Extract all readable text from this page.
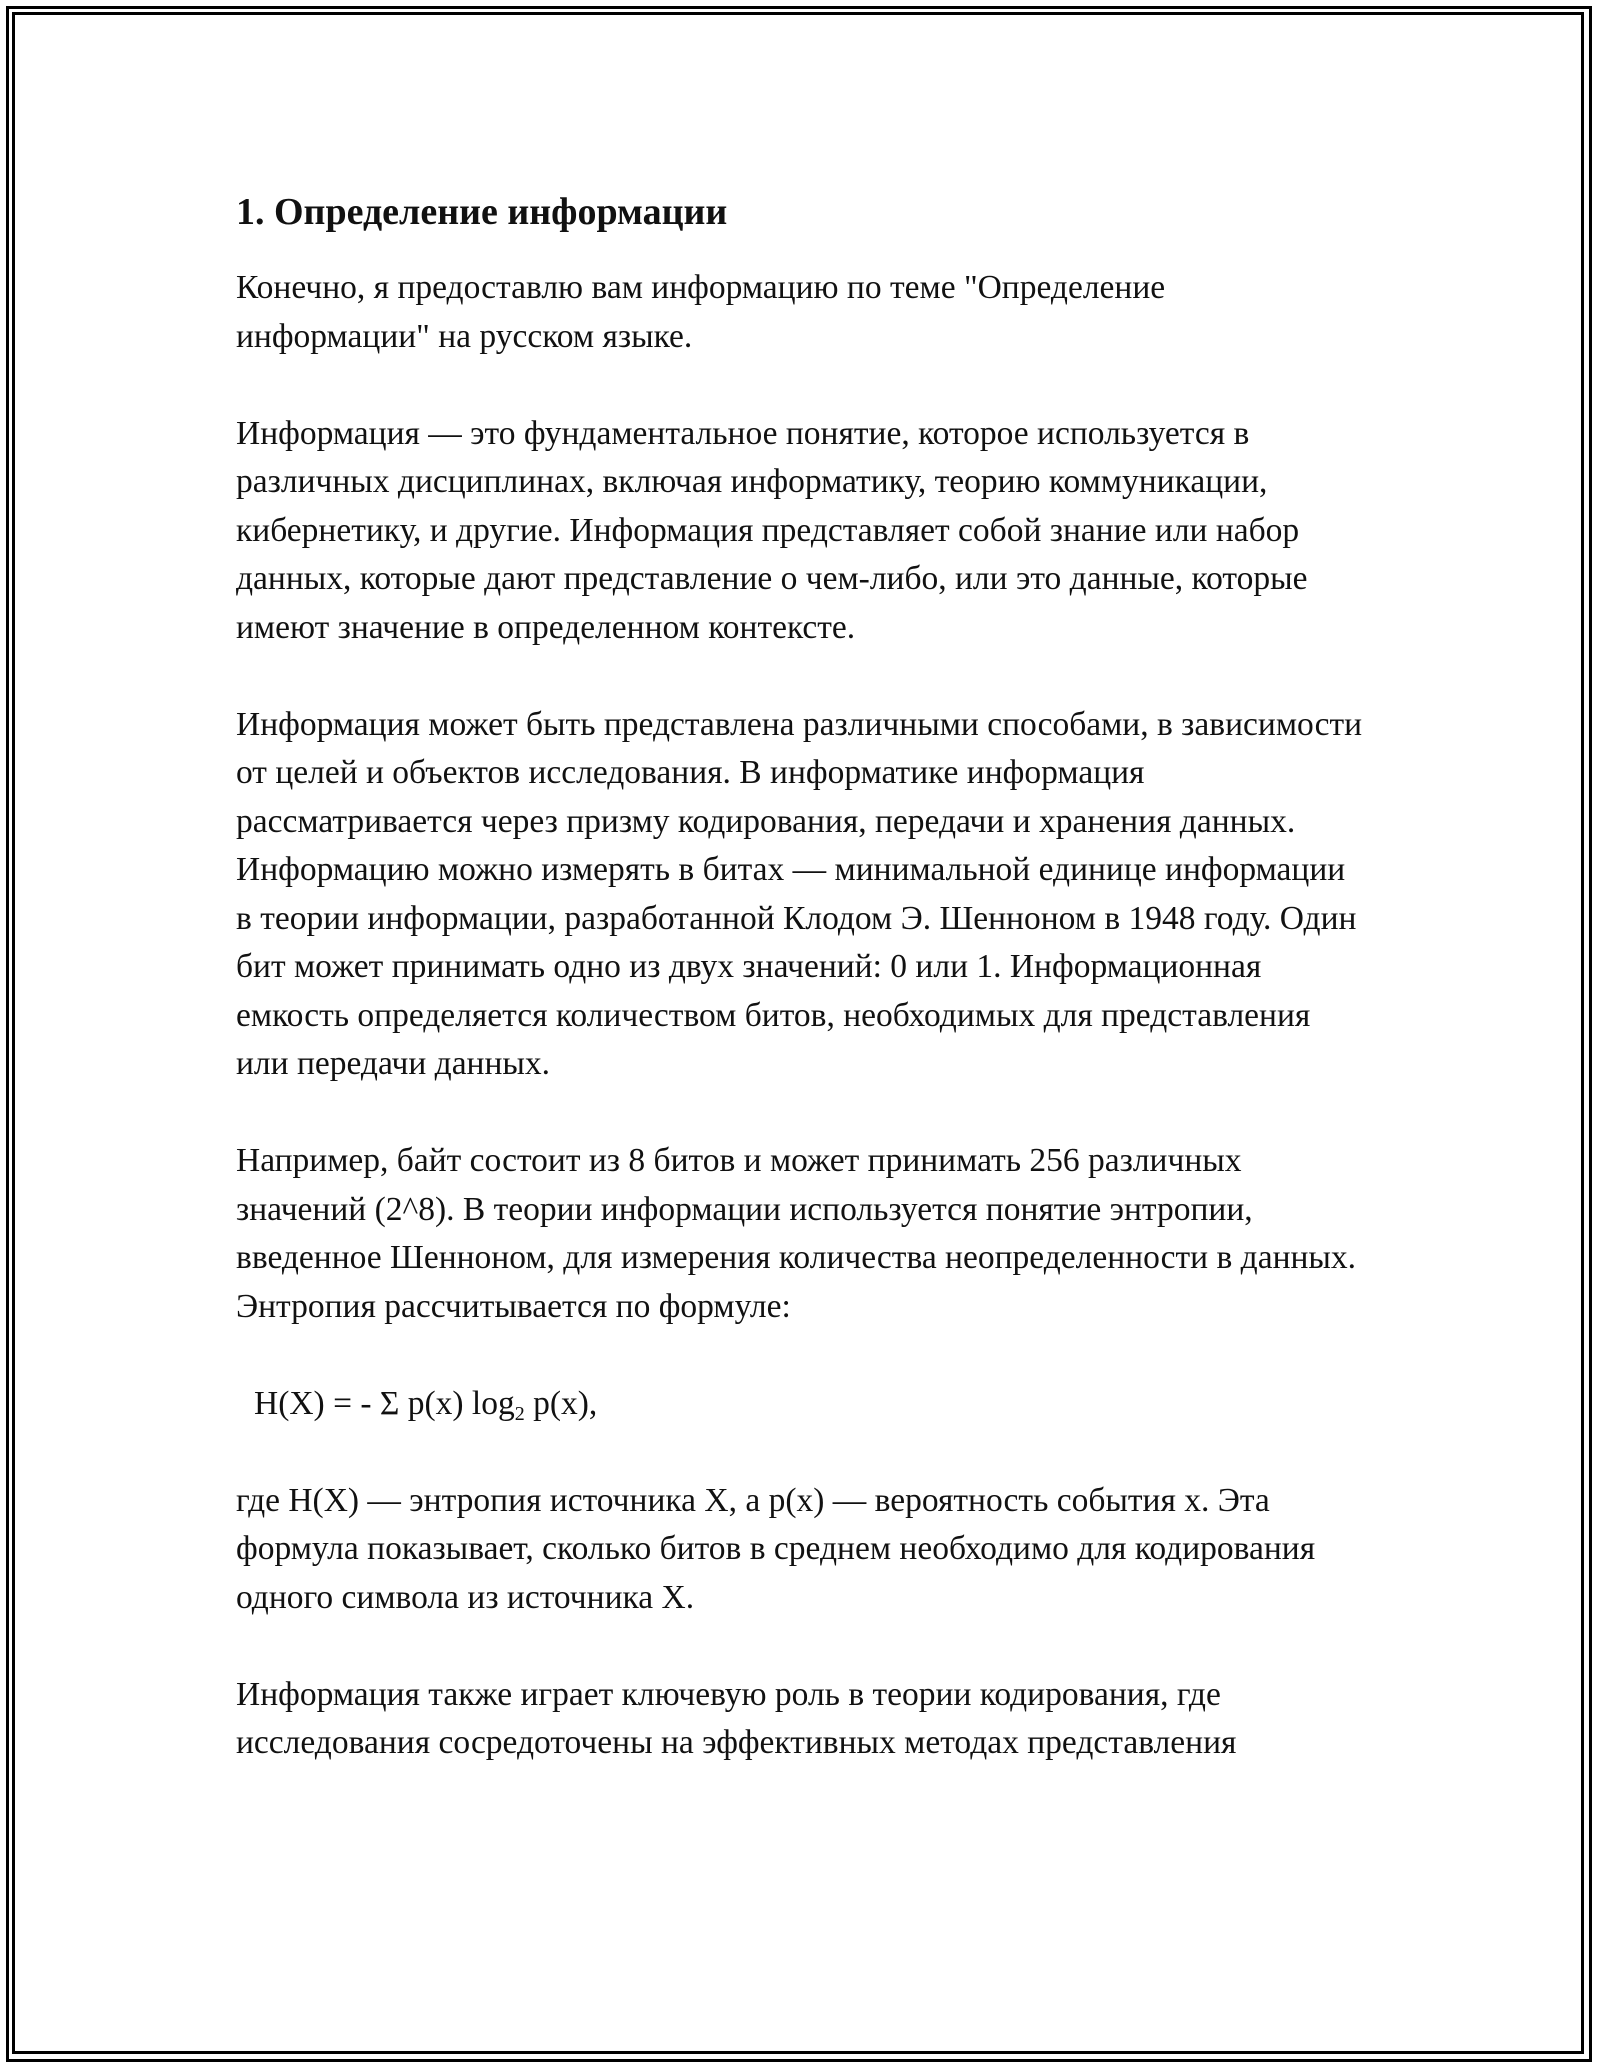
1. Определение информации

Конечно, я предоставлю вам информацию по теме "Определение информации" на русском языке.

Информация — это фундаментальное понятие, которое используется в различных дисциплинах, включая информатику, теорию коммуникации, кибернетику, и другие. Информация представляет собой знание или набор данных, которые дают представление о чем-либо, или это данные, которые имеют значение в определенном контексте.

Информация может быть представлена различными способами, в зависимости от целей и объектов исследования. В информатике информация рассматривается через призму кодирования, передачи и хранения данных. Информацию можно измерять в битах — минимальной единице информации в теории информации, разработанной Клодом Э. Шенноном в 1948 году. Один бит может принимать одно из двух значений: 0 или 1. Информационная емкость определяется количеством битов, необходимых для представления или передачи данных.

Например, байт состоит из 8 битов и может принимать 256 различных значений (2^8). В теории информации используется понятие энтропии, введенное Шенноном, для измерения количества неопределенности в данных. Энтропия рассчитывается по формуле:

H(X) = - Σ p(x) $\log_2 p(x)$,

где H(X) — энтропия источника X, а p(x) — вероятность события x. Эта формула показывает, сколько битов в среднем необходимо для кодирования одного символа из источника X.

Информация также играет ключевую роль в теории кодирования, где исследования сосредоточены на эффективных методах представления
